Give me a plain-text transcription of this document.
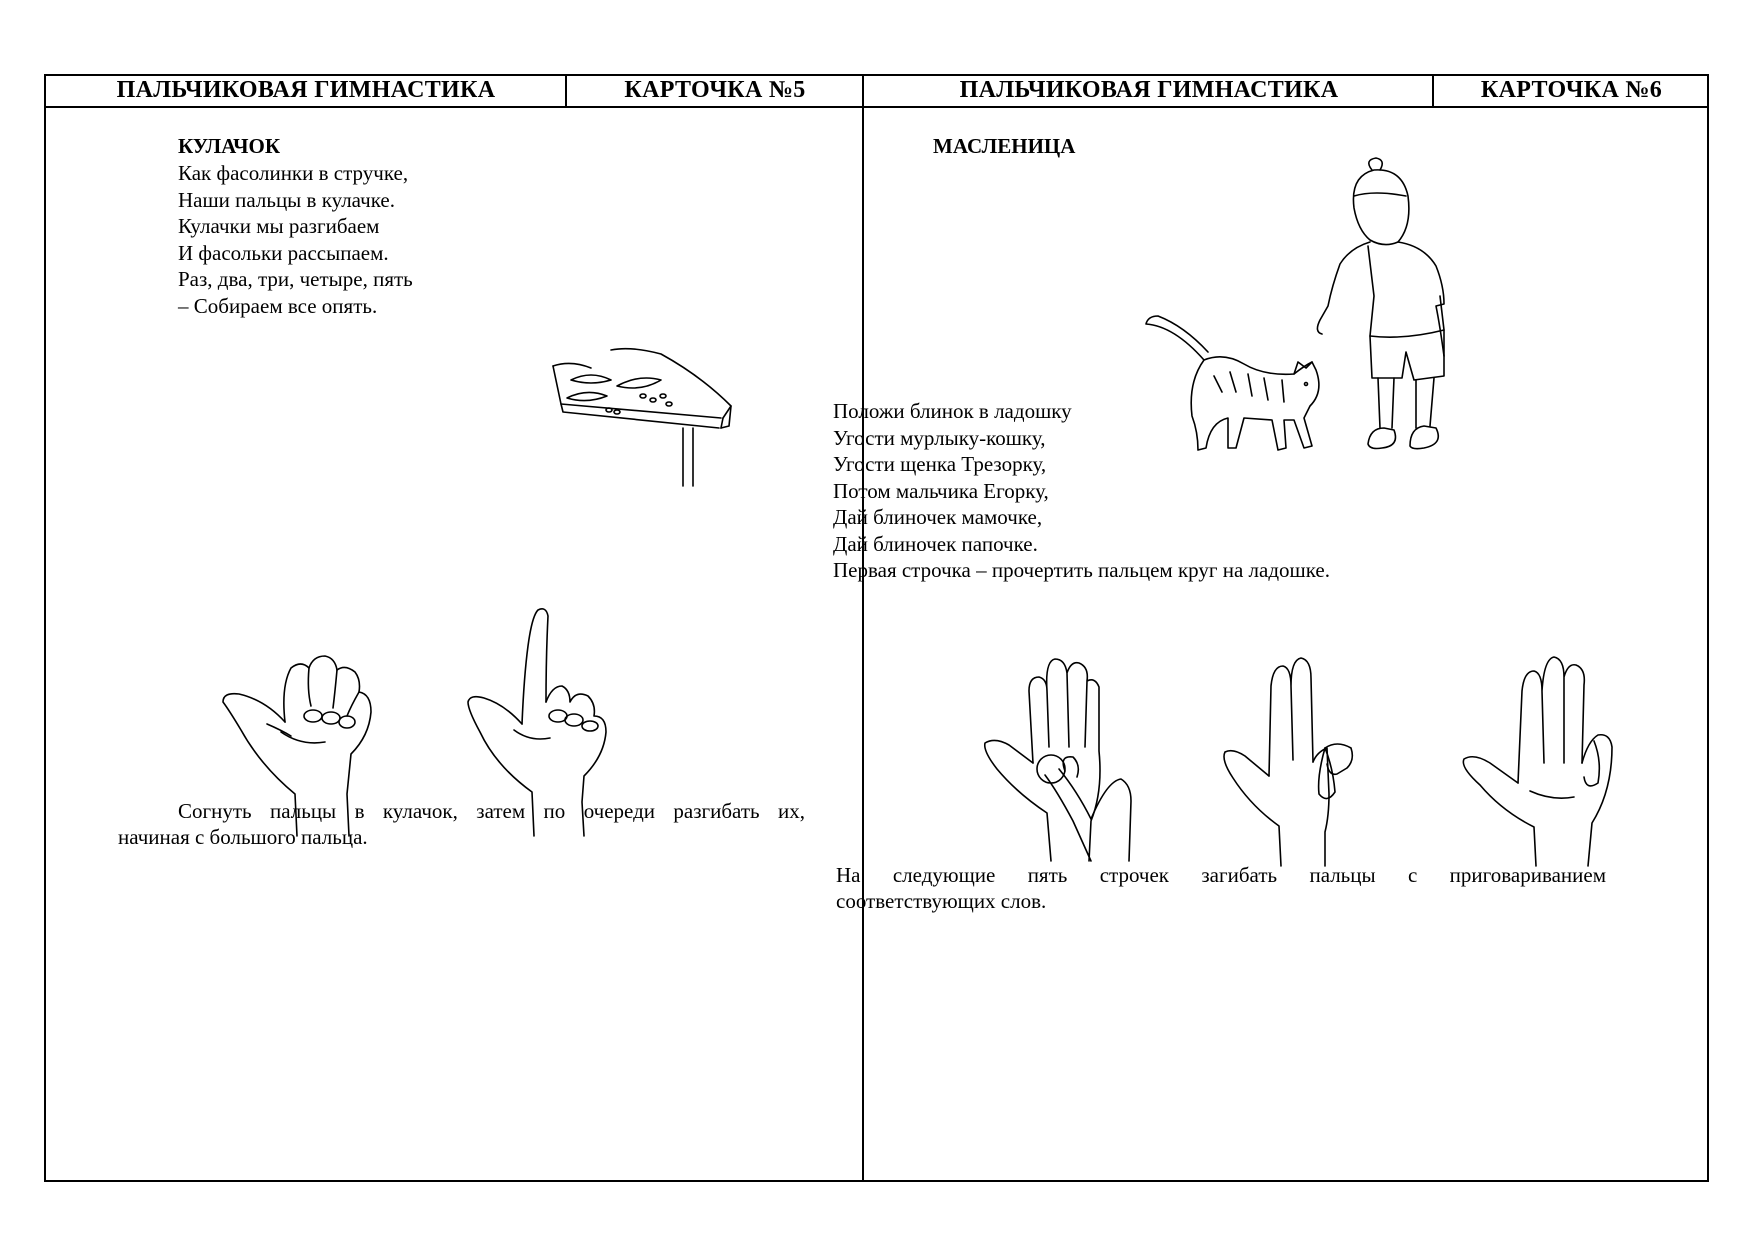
ПАЛЬЧИКОВАЯ ГИМНАСТИКА	КАРТОЧКА №5	ПАЛЬЧИКОВАЯ ГИМНАСТИКА	КАРТОЧКА №6
КУЛАЧОК
Как фасолинки в стручке,
Наши пальцы в кулачке.
Кулачки мы разгибаем
И фасольки рассыпаем.
Раз, два, три, четыре, пять
– Собираем все опять.
Согнуть пальцы в кулачок, затем по очереди разгибать их,
начиная с большого пальца.
МАСЛЕНИЦА
Положи блинок в ладошку
Угости мурлыку-кошку,
Угости щенка Трезорку,
Потом мальчика Егорку,
Дай блиночек мамочке,
Дай блиночек папочке.
Первая строчка – прочертить пальцем круг на ладошке.
На следующие пять строчек загибать пальцы с приговариванием
соответствующих слов.
